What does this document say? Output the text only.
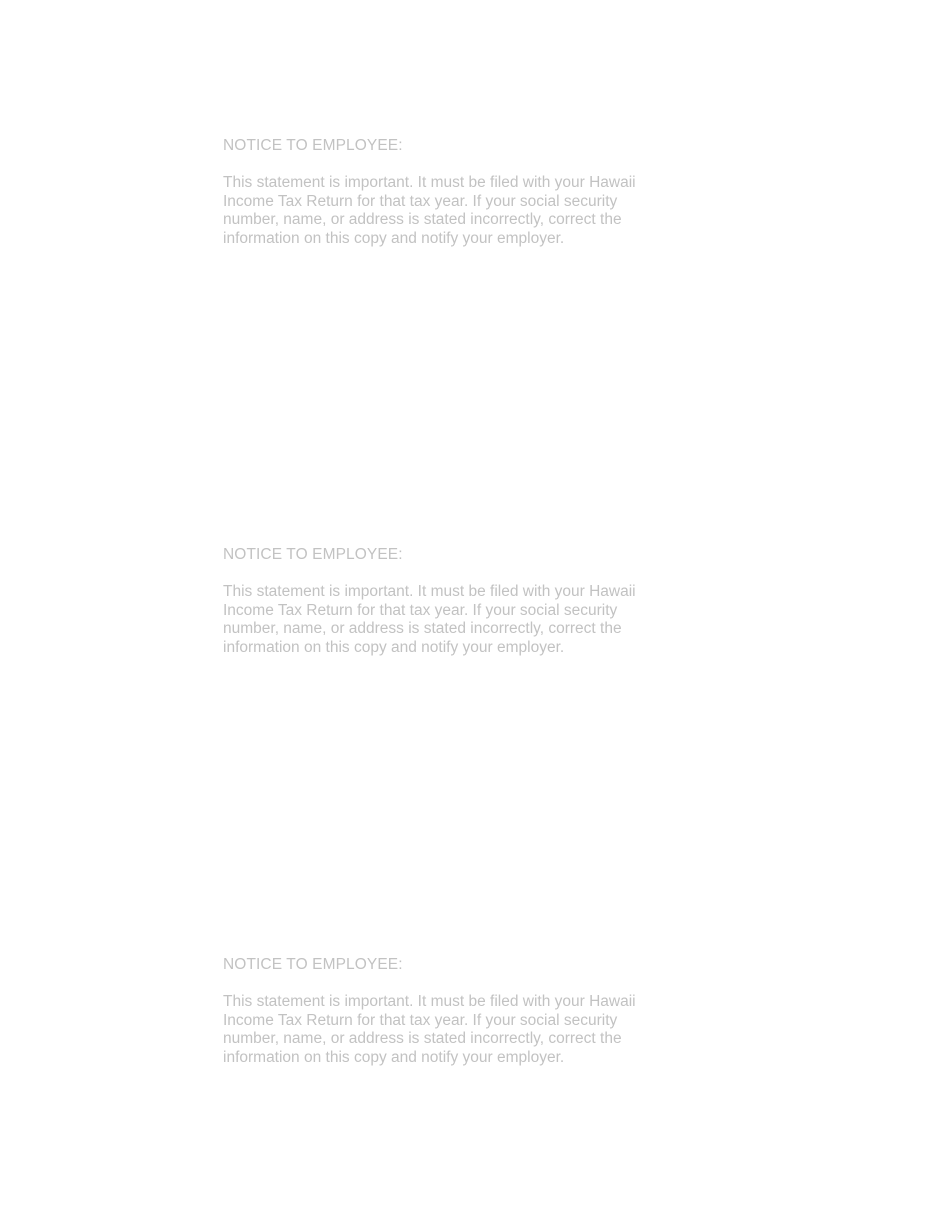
NOTICE TO EMPLOYEE:
This statement is important. It must be filed with your Hawaii
Income Tax Return for that tax year. If your social security
number, name, or address is stated incorrectly, correct the
information on this copy and notify your employer.
NOTICE TO EMPLOYEE:
This statement is important. It must be filed with your Hawaii
Income Tax Return for that tax year. If your social security
number, name, or address is stated incorrectly, correct the
information on this copy and notify your employer.
NOTICE TO EMPLOYEE:
This statement is important. It must be filed with your Hawaii
Income Tax Return for that tax year. If your social security
number, name, or address is stated incorrectly, correct the
information on this copy and notify your employer.
